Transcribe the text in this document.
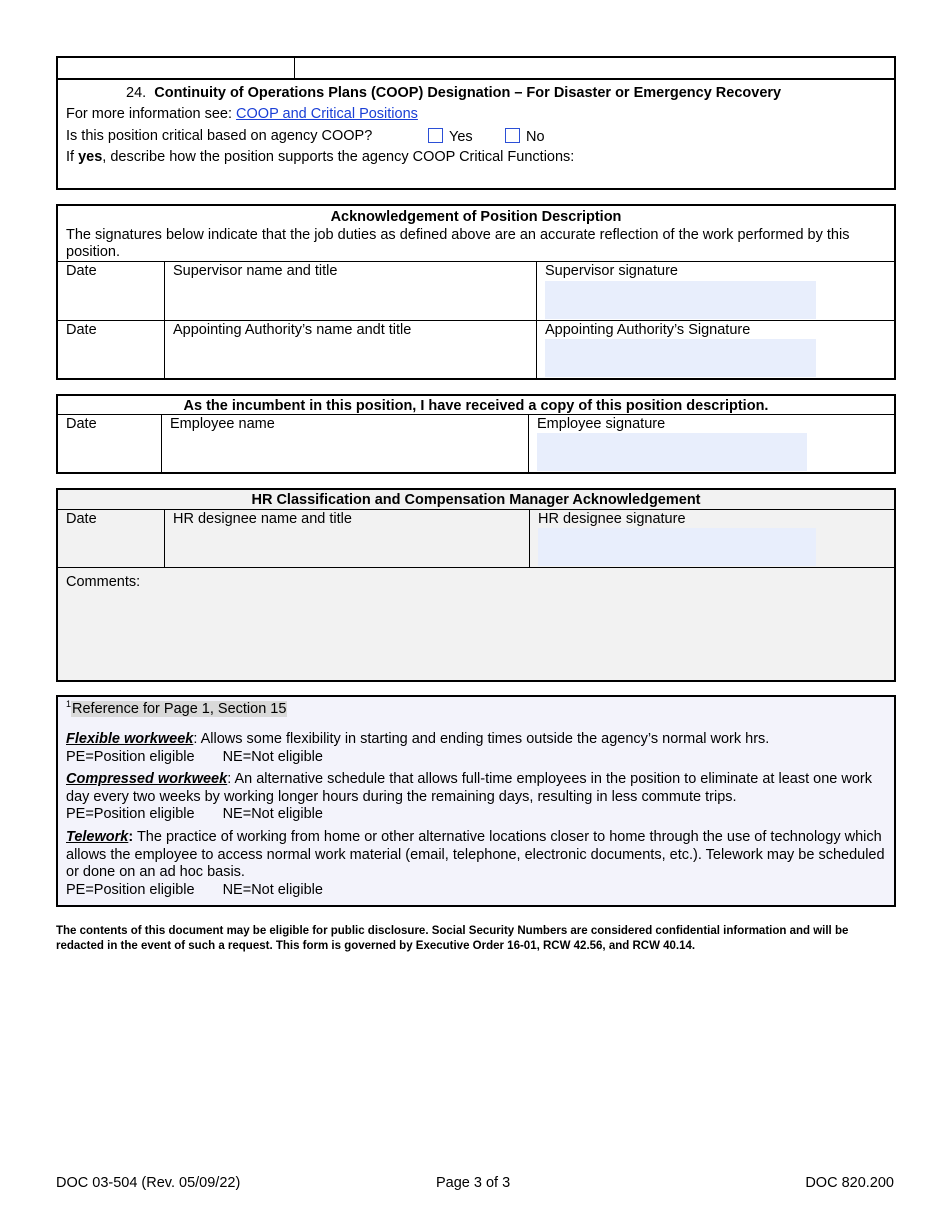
24. Continuity of Operations Plans (COOP) Designation – For Disaster or Emergency Recovery
For more information see: COOP and Critical Positions
Is this position critical based on agency COOP?	Yes	No
If yes, describe how the position supports the agency COOP Critical Functions:
Acknowledgement of Position Description
The signatures below indicate that the job duties as defined above are an accurate reflection of the work performed by this position.
Date	Supervisor name and title	Supervisor signature
Date	Appointing Authority’s name andt title	Appointing Authority’s Signature
As the incumbent in this position, I have received a copy of this position description.
Date	Employee name	Employee signature
HR Classification and Compensation Manager Acknowledgement
Date	HR designee name and title	HR designee signature
Comments:
$^1$Reference for Page 1, Section 15
Flexible workweek: Allows some flexibility in starting and ending times outside the agency’s normal work hrs.
PE=Position eligible NE=Not eligible
Compressed workweek: An alternative schedule that allows full-time employees in the position to eliminate at least one work day every two weeks by working longer hours during the remaining days, resulting in less commute trips.
PE=Position eligible NE=Not eligible
Telework: The practice of working from home or other alternative locations closer to home through the use of technology which allows the employee to access normal work material (email, telephone, electronic documents, etc.). Telework may be scheduled or done on an ad hoc basis.
PE=Position eligible NE=Not eligible
The contents of this document may be eligible for public disclosure. Social Security Numbers are considered confidential information and will be redacted in the event of such a request. This form is governed by Executive Order 16-01, RCW 42.56, and RCW 40.14.
DOC 03-504 (Rev. 05/09/22)	Page 3 of 3	DOC 820.200
